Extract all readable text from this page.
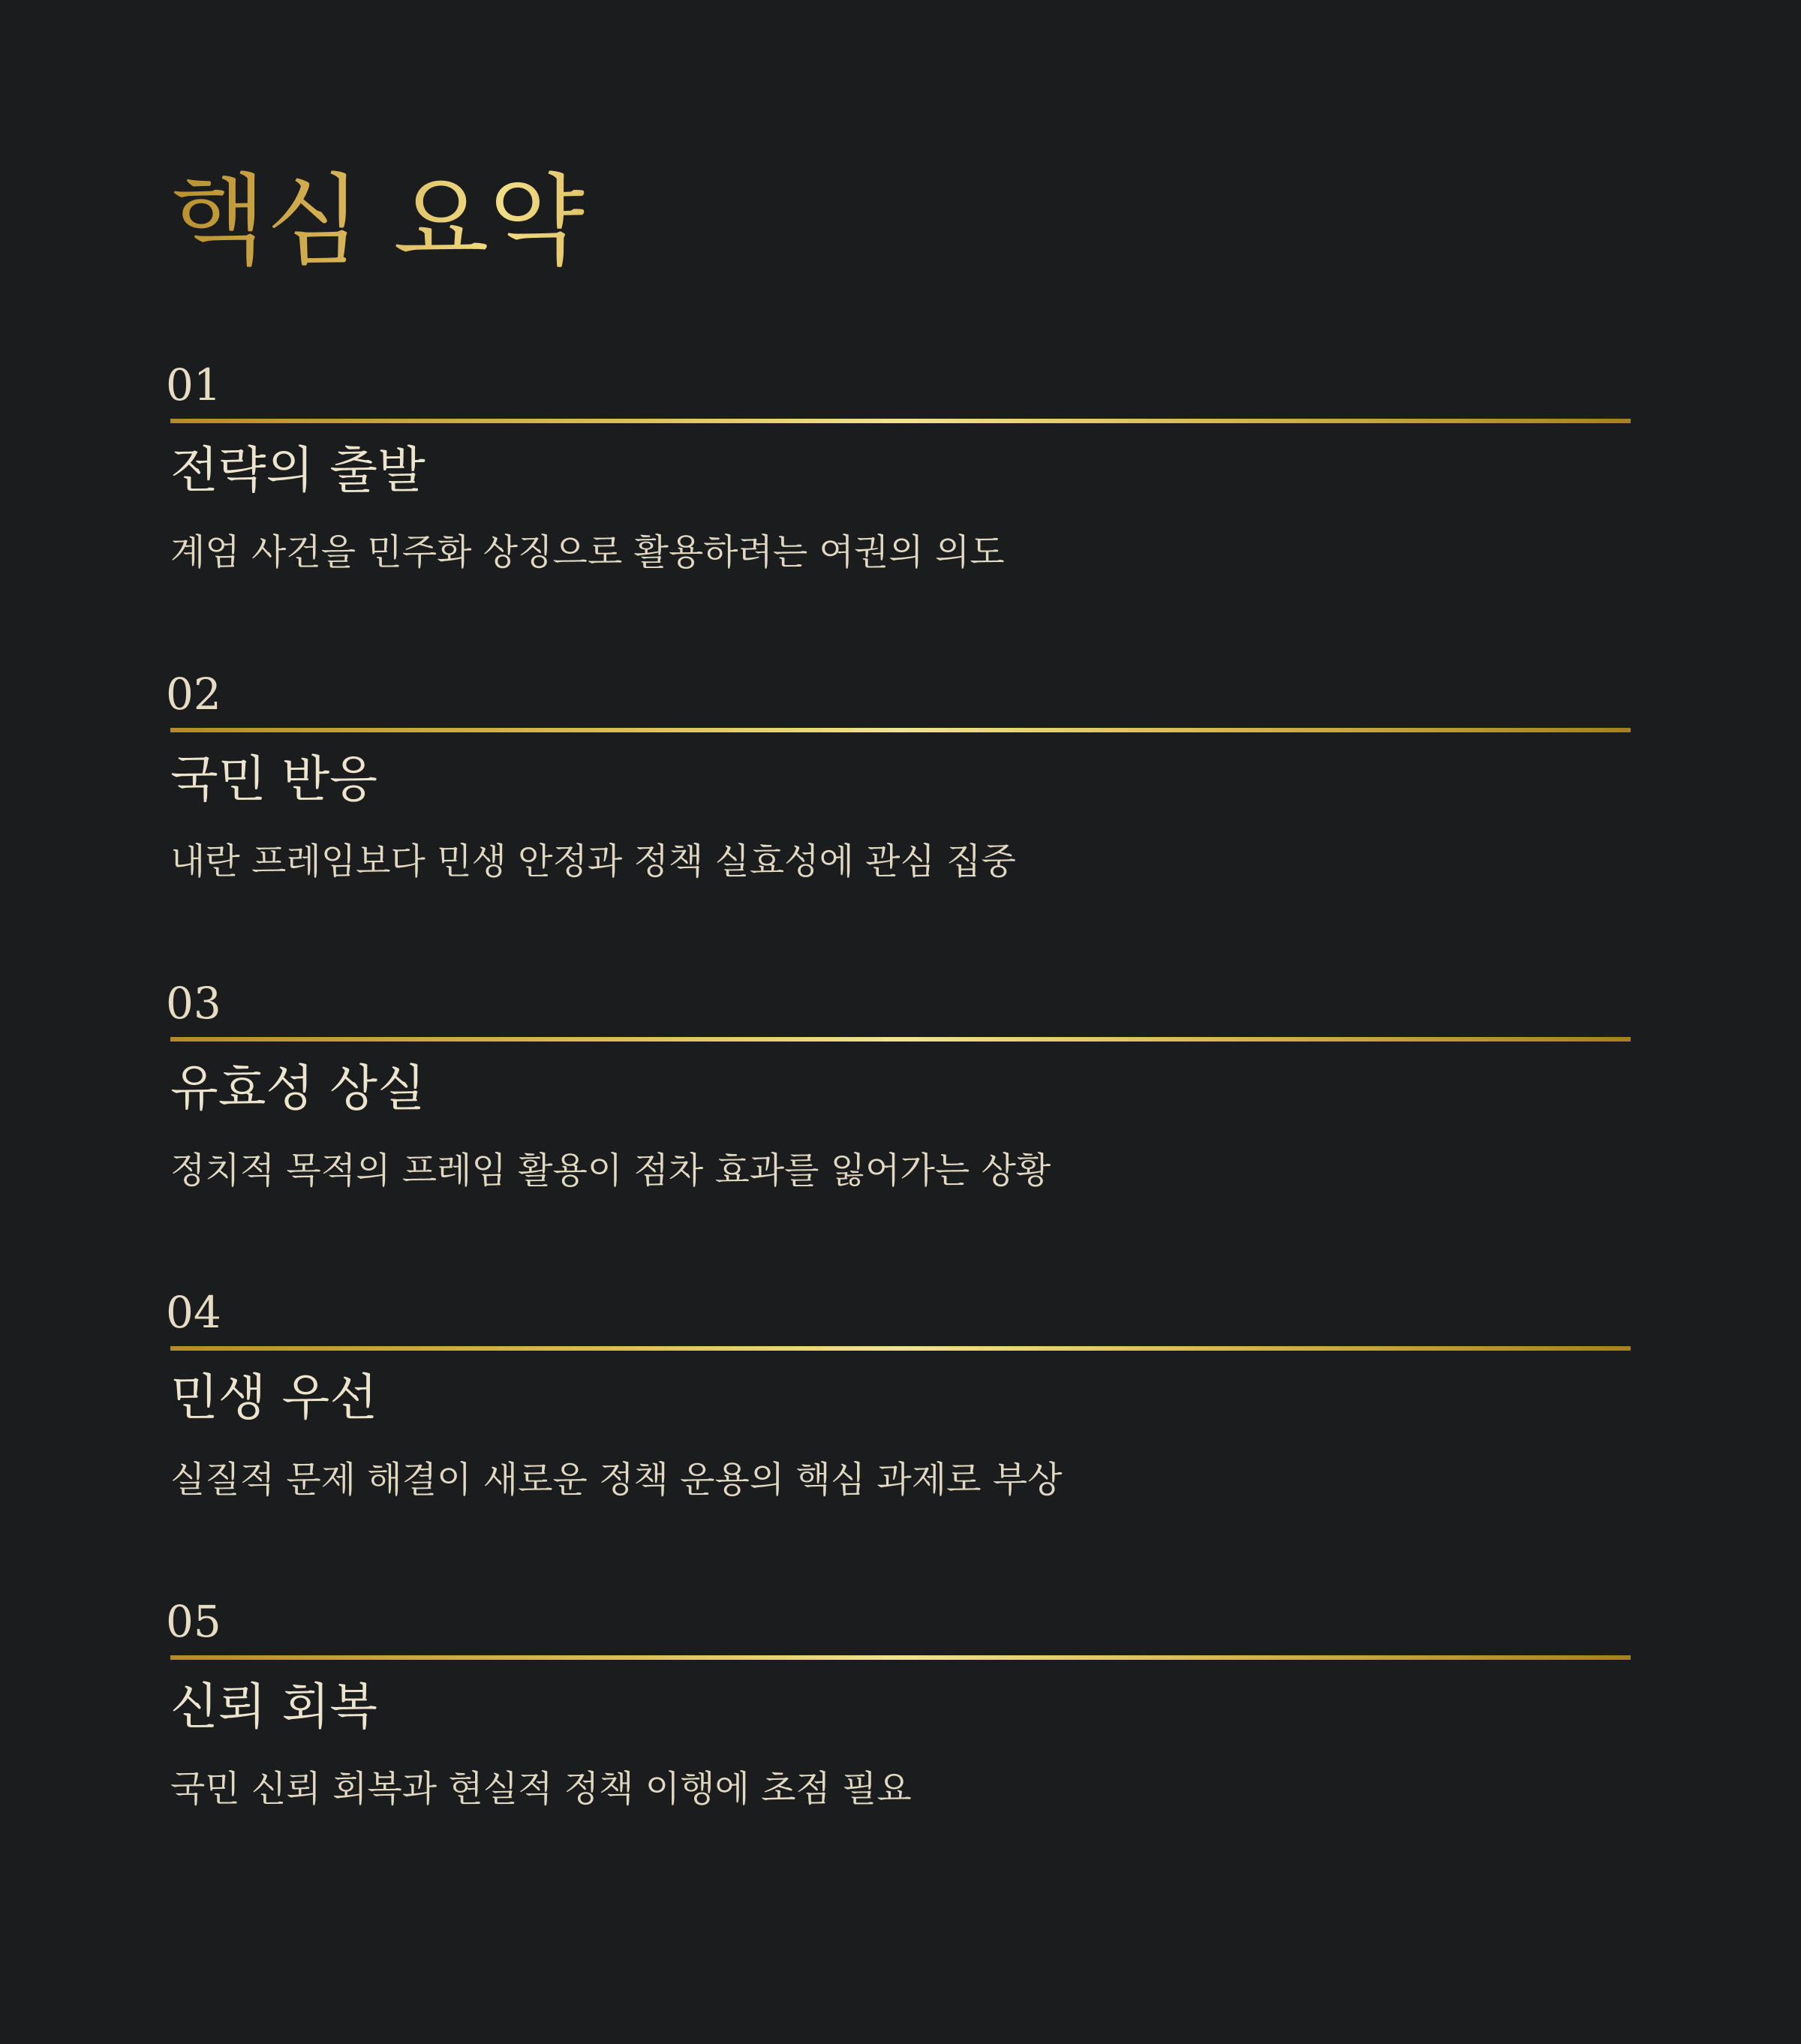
핵심 요약
01
전략의 출발
계엄 사건을 민주화 상징으로 활용하려는 여권의 의도
02
국민 반응
내란 프레임보다 민생 안정과 정책 실효성에 관심 집중
03
유효성 상실
정치적 목적의 프레임 활용이 점차 효과를 잃어가는 상황
04
민생 우선
실질적 문제 해결이 새로운 정책 운용의 핵심 과제로 부상
05
신뢰 회복
국민 신뢰 회복과 현실적 정책 이행에 초점 필요
